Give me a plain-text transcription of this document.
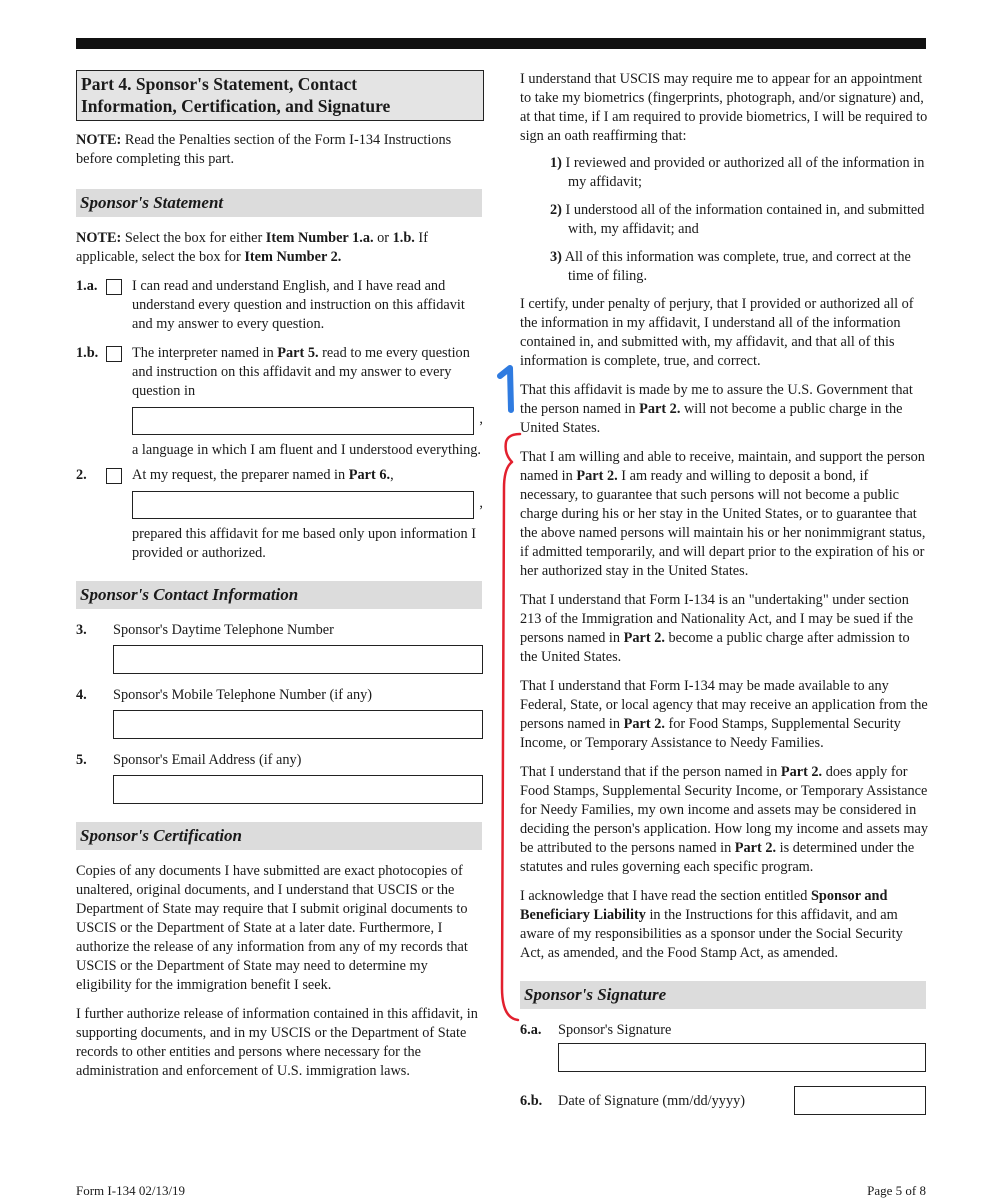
Part 4. Sponsor's Statement, Contact
Information, Certification, and Signature
NOTE: Read the Penalties section of the Form I-134 Instructions before completing this part.
Sponsor's Statement
NOTE: Select the box for either Item Number 1.a. or 1.b. If applicable, select the box for Item Number 2.
1.a. I can read and understand English, and I have read and understand every question and instruction on this affidavit and my answer to every question.
1.b. The interpreter named in Part 5. read to me every question and instruction on this affidavit and my answer to every question in
,
a language in which I am fluent and I understood everything.
2.	At my request, the preparer named in Part 6.,
,
prepared this affidavit for me based only upon information I provided or authorized.
Sponsor's Contact Information
3. Sponsor's Daytime Telephone Number
4. Sponsor's Mobile Telephone Number (if any)
5. Sponsor's Email Address (if any)
Sponsor's Certification
Copies of any documents I have submitted are exact photocopies of unaltered, original documents, and I understand that USCIS or the Department of State may require that I submit original documents to USCIS or the Department of State at a later date. Furthermore, I authorize the release of any information from any of my records that USCIS or the Department of State may need to determine my eligibility for the immigration benefit I seek.
I further authorize release of information contained in this affidavit, in supporting documents, and in my USCIS or the Department of State records to other entities and persons where necessary for the administration and enforcement of U.S. immigration laws.
I understand that USCIS may require me to appear for an appointment to take my biometrics (fingerprints, photograph, and/or signature) and, at that time, if I am required to provide biometrics, I will be required to sign an oath reaffirming that:
1) I reviewed and provided or authorized all of the information in my affidavit;
2) I understood all of the information contained in, and submitted with, my affidavit; and
3) All of this information was complete, true, and correct at the time of filing.
I certify, under penalty of perjury, that I provided or authorized all of the information in my affidavit, I understand all of the information contained in, and submitted with, my affidavit, and that all of this information is complete, true, and correct.
That this affidavit is made by me to assure the U.S. Government that the person named in Part 2. will not become a public charge in the United States.
That I am willing and able to receive, maintain, and support the person named in Part 2. I am ready and willing to deposit a bond, if necessary, to guarantee that such persons will not become a public charge during his or her stay in the United States, or to guarantee that the above named persons will maintain his or her nonimmigrant status, if admitted temporarily, and will depart prior to the expiration of his or her authorized stay in the United States.
That I understand that Form I-134 is an "undertaking" under section 213 of the Immigration and Nationality Act, and I may be sued if the persons named in Part 2. become a public charge after admission to the United States.
That I understand that Form I-134 may be made available to any Federal, State, or local agency that may receive an application from the persons named in Part 2. for Food Stamps, Supplemental Security Income, or Temporary Assistance to Needy Families.
That I understand that if the person named in Part 2. does apply for Food Stamps, Supplemental Security Income, or Temporary Assistance for Needy Families, my own income and assets may be considered in deciding the person's application. How long my income and assets may be attributed to the persons named in Part 2. is determined under the statutes and rules governing each specific program.
I acknowledge that I have read the section entitled Sponsor and Beneficiary Liability in the Instructions for this affidavit, and am aware of my responsibilities as a sponsor under the Social Security Act, as amended, and the Food Stamp Act, as amended.
Sponsor's Signature
6.a. Sponsor's Signature
6.b. Date of Signature (mm/dd/yyyy)
Form I-134 02/13/19	Page 5 of 8
